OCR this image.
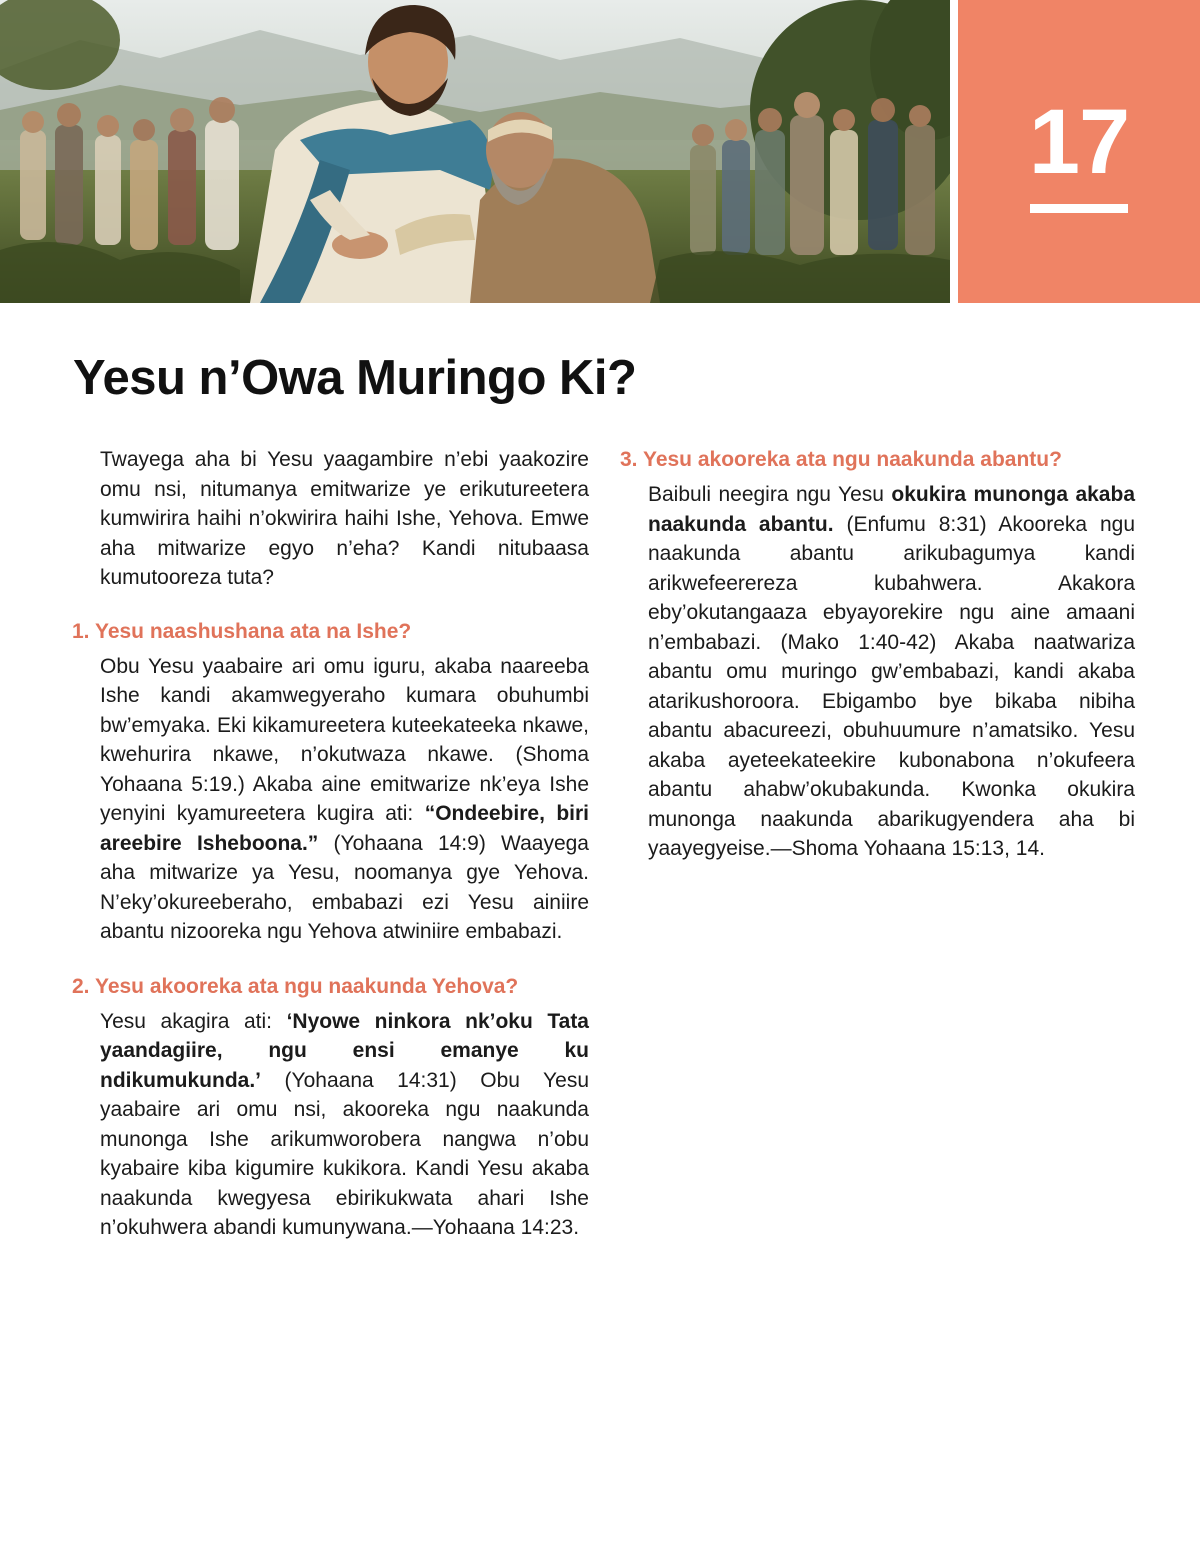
17
Yesu n’Owa Muringo Ki?

Twayega aha bi Yesu yaagambire n’ebi yaakozire omu nsi, nitumanya emitwarize ye erikutureetera kumwirira haihi n’okwirira haihi Ishe, Yehova. Emwe aha mitwarize egyo n’eha? Kandi nitubaasa kumutooreza tuta?

1. Yesu naashushana ata na Ishe?

Obu Yesu yaabaire ari omu iguru, akaba naareeba Ishe kandi akamwegyeraho kumara obuhumbi bw’emyaka. Eki kikamureetera kuteekateeka nkawe, kwehurira nkawe, n’okutwaza nkawe. (Shoma Yohaana 5:19.) Akaba aine emitwarize nk’eya Ishe yenyini kyamureetera kugira ati: “Ondeebire, biri areebire Isheboona.” (Yohaana 14:9) Waayega aha mitwarize ya Yesu, noomanya gye Yehova. N’eky’okureeberaho, embabazi ezi Yesu ainiire abantu nizooreka ngu Yehova atwiniire embabazi.

2. Yesu akooreka ata ngu naakunda Yehova?

Yesu akagira ati: ‘Nyowe ninkora nk’oku Tata yaandagiire, ngu ensi emanye ku ndikumukunda.’ (Yohaana 14:31) Obu Yesu yaabaire ari omu nsi, akooreka ngu naakunda munonga Ishe arikumworobera nangwa n’obu kyabaire kiba kigumire kukikora. Kandi Yesu akaba naakunda kwegyesa ebirikukwata ahari Ishe n’okuhwera abandi kumunywana.—Yohaana 14:23.

3. Yesu akooreka ata ngu naakunda abantu?

Baibuli neegira ngu Yesu okukira munonga akaba naakunda abantu. (Enfumu 8:31) Akooreka ngu naakunda abantu arikubagumya kandi arikwefeerereza kubahwera. Akakora eby’okutangaaza ebyayorekire ngu aine amaani n’embabazi. (Mako 1:40-42) Akaba naatwariza abantu omu muringo gw’embabazi, kandi akaba atarikushoroora. Ebigambo bye bikaba nibiha abantu abacureezi, obuhuumure n’amatsiko. Yesu akaba ayeteekateekire kubonabona n’okufeera abantu ahabw’okubakunda. Kwonka okukira munonga naakunda abarikugyendera aha bi yaayegyeise.—Shoma Yohaana 15:13, 14.
